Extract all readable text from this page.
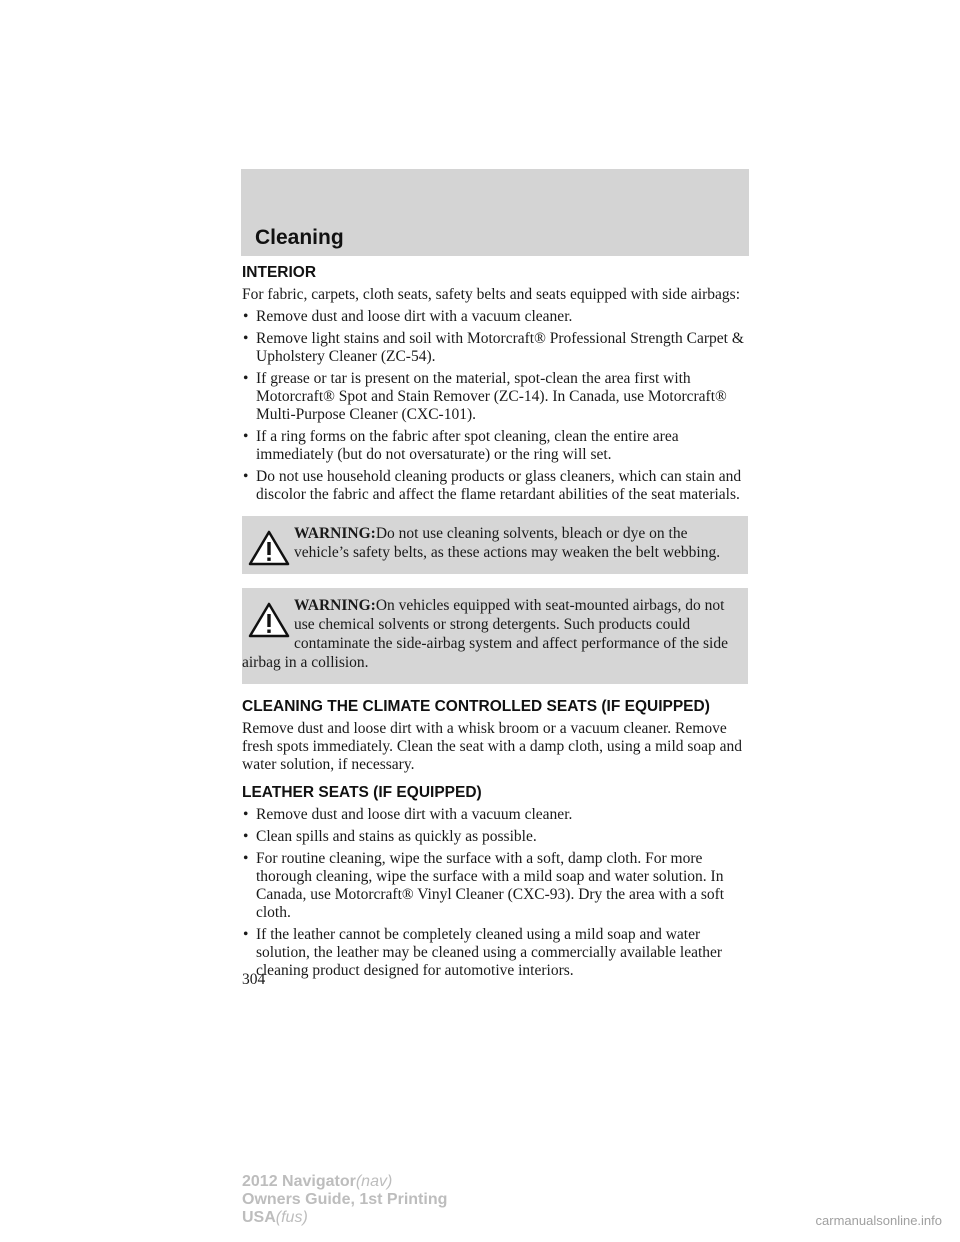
Cleaning
INTERIOR

For fabric, carpets, cloth seats, safety belts and seats equipped with side airbags:

• Remove dust and loose dirt with a vacuum cleaner.
• Remove light stains and soil with Motorcraft® Professional Strength Carpet & Upholstery Cleaner (ZC-54).
• If grease or tar is present on the material, spot-clean the area first with Motorcraft® Spot and Stain Remover (ZC-14). In Canada, use Motorcraft® Multi-Purpose Cleaner (CXC-101).
• If a ring forms on the fabric after spot cleaning, clean the entire area immediately (but do not oversaturate) or the ring will set.
• Do not use household cleaning products or glass cleaners, which can stain and discolor the fabric and affect the flame retardant abilities of the seat materials.
WARNING:Do not use cleaning solvents, bleach or dye on the vehicle’s safety belts, as these actions may weaken the belt webbing.
WARNING:On vehicles equipped with seat-mounted airbags, do not use chemical solvents or strong detergents. Such products could contaminate the side-airbag system and affect performance of the side airbag in a collision.
CLEANING THE CLIMATE CONTROLLED SEATS (IF EQUIPPED)

Remove dust and loose dirt with a whisk broom or a vacuum cleaner. Remove fresh spots immediately. Clean the seat with a damp cloth, using a mild soap and water solution, if necessary.

LEATHER SEATS (IF EQUIPPED)
• Remove dust and loose dirt with a vacuum cleaner.
• Clean spills and stains as quickly as possible.
• For routine cleaning, wipe the surface with a soft, damp cloth. For more thorough cleaning, wipe the surface with a mild soap and water solution. In Canada, use Motorcraft® Vinyl Cleaner (CXC-93). Dry the area with a soft cloth.
• If the leather cannot be completely cleaned using a mild soap and water solution, the leather may be cleaned using a commercially available leather cleaning product designed for automotive interiors.
304
2012 Navigator(nav)
Owners Guide, 1st Printing
USA(fus)	carmanualsonline.info
